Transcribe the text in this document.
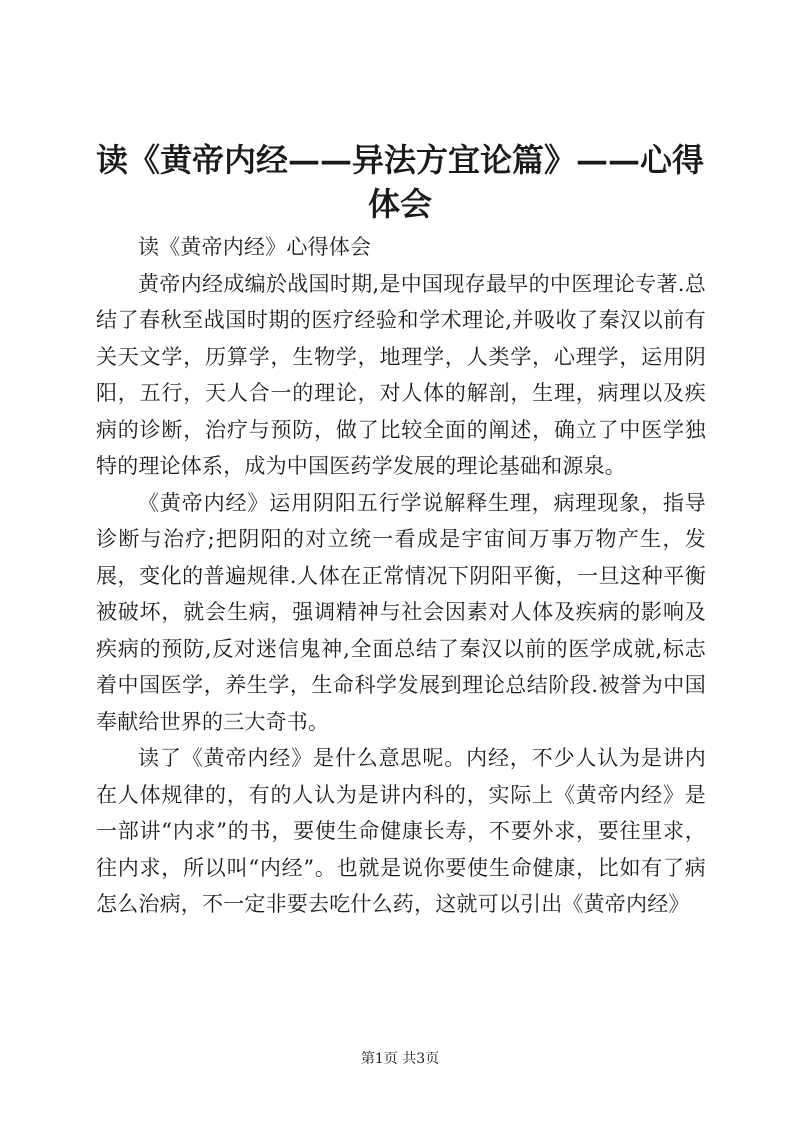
读《黄帝内经——异法方宜论篇》——心得体会

读《黄帝内经》心得体会

黄帝内经成编於战国时期,是中国现存最早的中医理论专著.总结了春秋至战国时期的医疗经验和学术理论,并吸收了秦汉以前有关天文学，历算学，生物学，地理学，人类学，心理学，运用阴阳，五行，天人合一的理论，对人体的解剖，生理，病理以及疾病的诊断，治疗与预防，做了比较全面的阐述，确立了中医学独特的理论体系，成为中国医药学发展的理论基础和源泉。

《黄帝内经》运用阴阳五行学说解释生理，病理现象，指导诊断与治疗;把阴阳的对立统一看成是宇宙间万事万物产生，发展，变化的普遍规律.人体在正常情况下阴阳平衡，一旦这种平衡被破坏，就会生病，强调精神与社会因素对人体及疾病的影响及疾病的预防,反对迷信鬼神,全面总结了秦汉以前的医学成就,标志着中国医学，养生学，生命科学发展到理论总结阶段.被誉为中国奉献给世界的三大奇书。

读了《黄帝内经》是什么意思呢。内经，不少人认为是讲内在人体规律的，有的人认为是讲内科的，实际上《黄帝内经》是一部讲“内求”的书，要使生命健康长寿，不要外求，要往里求，往内求，所以叫“内经”。也就是说你要使生命健康，比如有了病怎么治病，不一定非要去吃什么药，这就可以引出《黄帝内经》

第1页 共3页
